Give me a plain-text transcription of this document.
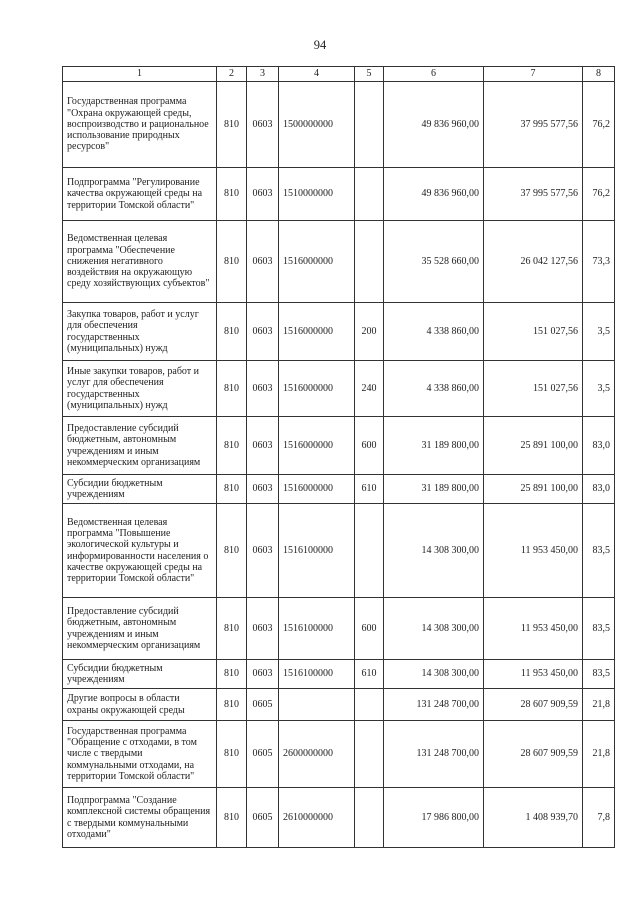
94
1	2	3	4	5	6	7	8
Государственная программа "Охрана окружающей среды, воспроизводство и рациональное использование природных ресурсов"	810	0603	1500000000		49 836 960,00	37 995 577,56	76,2
Подпрограмма "Регулирование качества окружающей среды на территории Томской области"	810	0603	1510000000		49 836 960,00	37 995 577,56	76,2
Ведомственная целевая программа "Обеспечение снижения негативного воздействия на окружающую среду хозяйствующих субъектов"	810	0603	1516000000		35 528 660,00	26 042 127,56	73,3
Закупка товаров, работ и услуг для обеспечения государственных (муниципальных) нужд	810	0603	1516000000	200	4 338 860,00	151 027,56	3,5
Иные закупки товаров, работ и услуг для обеспечения государственных (муниципальных) нужд	810	0603	1516000000	240	4 338 860,00	151 027,56	3,5
Предоставление субсидий бюджетным, автономным учреждениям и иным некоммерческим организациям	810	0603	1516000000	600	31 189 800,00	25 891 100,00	83,0
Субсидии бюджетным учреждениям	810	0603	1516000000	610	31 189 800,00	25 891 100,00	83,0
Ведомственная целевая программа "Повышение экологической культуры и информированности населения о качестве окружающей среды на территории Томской области"	810	0603	1516100000		14 308 300,00	11 953 450,00	83,5
Предоставление субсидий бюджетным, автономным учреждениям и иным некоммерческим организациям	810	0603	1516100000	600	14 308 300,00	11 953 450,00	83,5
Субсидии бюджетным учреждениям	810	0603	1516100000	610	14 308 300,00	11 953 450,00	83,5
Другие вопросы в области охраны окружающей среды	810	0605			131 248 700,00	28 607 909,59	21,8
Государственная программа "Обращение с отходами, в том числе с твердыми коммунальными отходами, на территории Томской области"	810	0605	2600000000		131 248 700,00	28 607 909,59	21,8
Подпрограмма "Создание комплексной системы обращения с твердыми коммунальными отходами"	810	0605	2610000000		17 986 800,00	1 408 939,70	7,8
